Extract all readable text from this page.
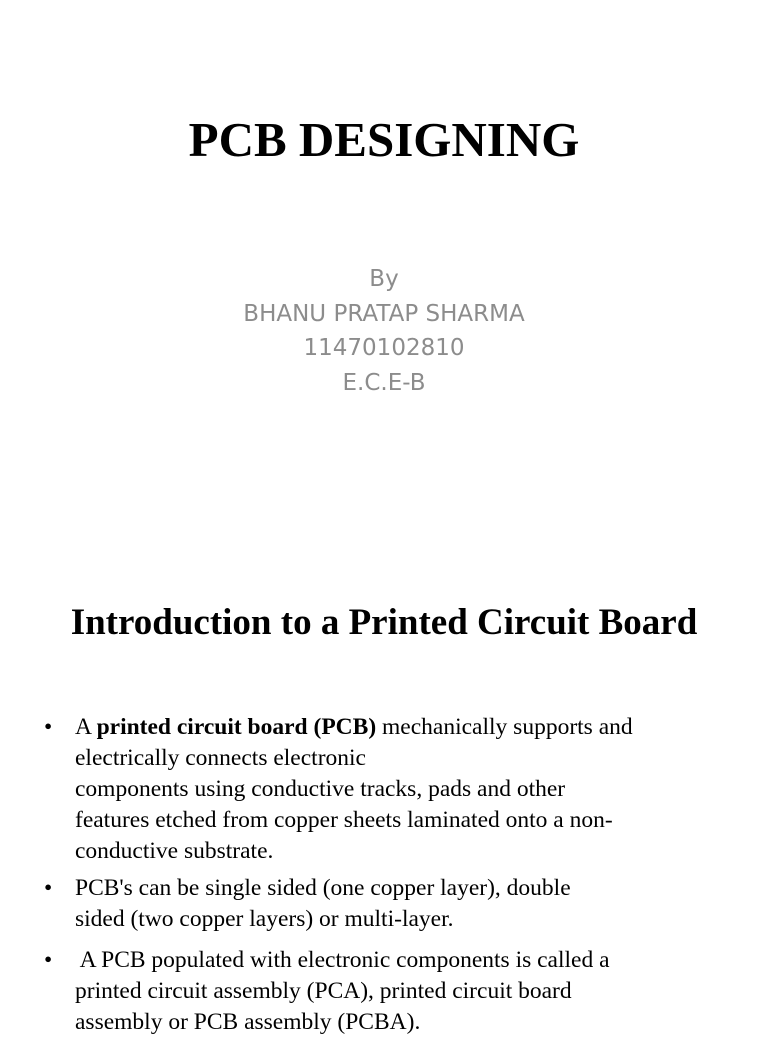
PCB DESIGNING
By
BHANU PRATAP SHARMA
11470102810
E.C.E-B
Introduction to a Printed Circuit Board
• A printed circuit board (PCB) mechanically supports and
electrically connects electronic
components using conductive tracks, pads and other
features etched from copper sheets laminated onto a non-
conductive substrate.
• PCB's can be single sided (one copper layer), double
sided (two copper layers) or multi-layer.
• A PCB populated with electronic components is called a
printed circuit assembly (PCA), printed circuit board
assembly or PCB assembly (PCBA).
